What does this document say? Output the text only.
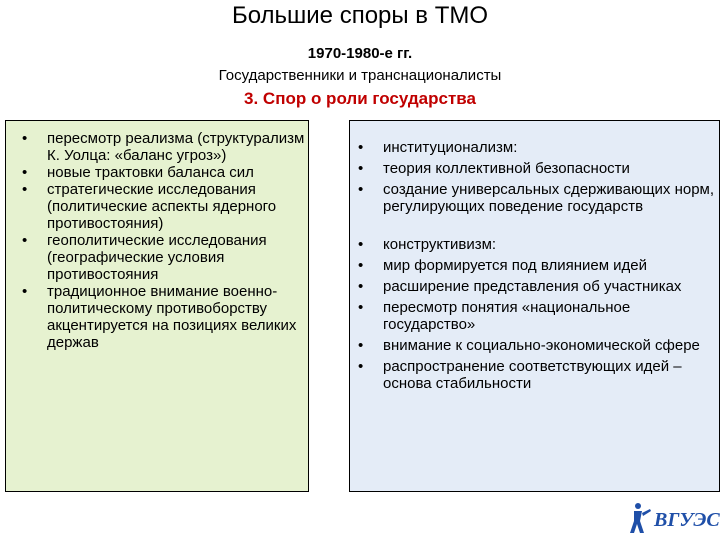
Большие споры в ТМО
1970-1980-е гг.
Государственники и транснационалисты
3. Спор о роли государства
• пересмотр реализма (структурализм К. Уолца: «баланс угроз»)
• новые трактовки баланса сил
• стратегические исследования (политические аспекты ядерного противостояния)
• геополитические исследования (географические условия противостояния
• традиционное внимание военно-политическому противоборству акцентируется на позициях великих держав
• институционализм:
• теория коллективной безопасности
• создание универсальных сдерживающих норм, регулирующих поведение государств
• конструктивизм:
• мир формируется под влиянием идей
• расширение представления об участниках
• пересмотр понятия «национальное государство»
• внимание к социально-экономической сфере
• распространение соответствующих идей – основа стабильности
ВГУЭС
